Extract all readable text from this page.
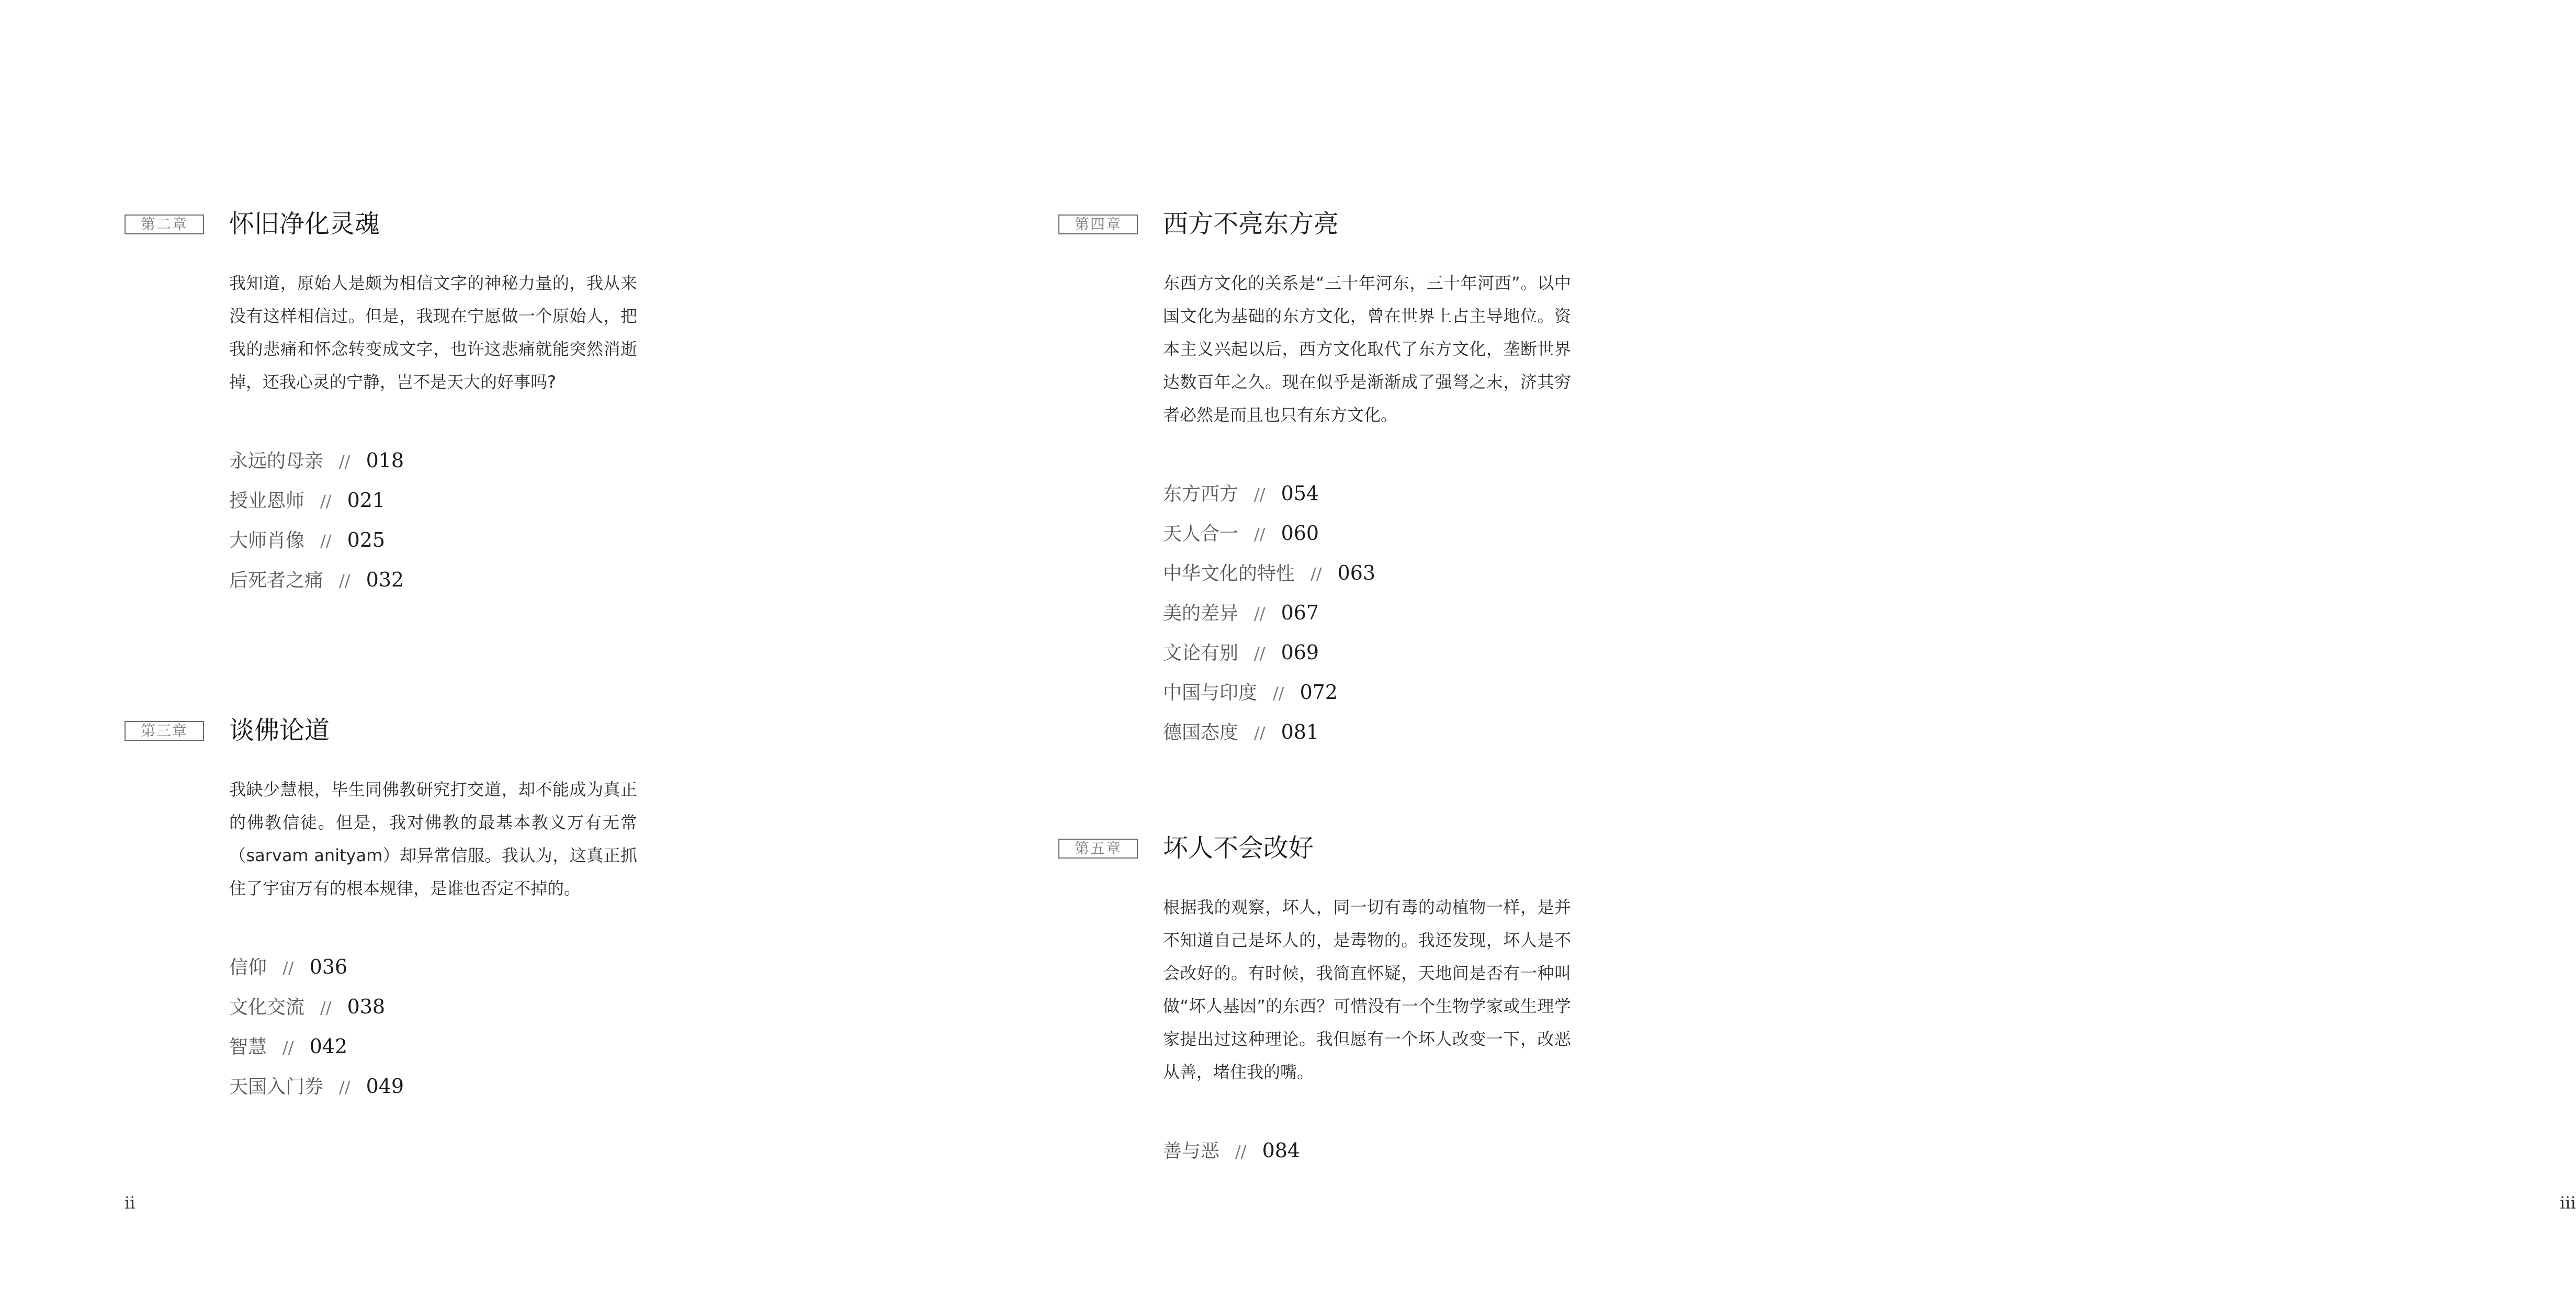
第二章	怀旧净化灵魂
我知道，原始人是颇为相信文字的神秘力量的，我从来没有这样相信过。但是，我现在宁愿做一个原始人，把我的悲痛和怀念转变成文字，也许这悲痛就能突然消逝掉，还我心灵的宁静，岂不是天大的好事吗?
永远的母亲 // 018
授业恩师 // 021
大师肖像 // 025
后死者之痛 // 032
第三章	谈佛论道
我缺少慧根，毕生同佛教研究打交道，却不能成为真正的佛教信徒。但是，我对佛教的最基本教义万有无常（sarvam anityam）却异常信服。我认为，这真正抓住了宇宙万有的根本规律，是谁也否定不掉的。
信仰 // 036
文化交流 // 038
智慧 // 042
天国入门券 // 049
ii
第四章	西方不亮东方亮
东西方文化的关系是“三十年河东，三十年河西”。以中国文化为基础的东方文化，曾在世界上占主导地位。资本主义兴起以后，西方文化取代了东方文化，垄断世界达数百年之久。现在似乎是渐渐成了强弩之末，济其穷者必然是而且也只有东方文化。
东方西方 // 054
天人合一 // 060
中华文化的特性 // 063
美的差异 // 067
文论有别 // 069
中国与印度 // 072
德国态度 // 081
第五章	坏人不会改好
根据我的观察，坏人，同一切有毒的动植物一样，是并不知道自己是坏人的，是毒物的。我还发现，坏人是不会改好的。有时候，我简直怀疑，天地间是否有一种叫做“坏人基因”的东西？可惜没有一个生物学家或生理学家提出过这种理论。我但愿有一个坏人改变一下，改恶从善，堵住我的嘴。
善与恶 // 084
iii
